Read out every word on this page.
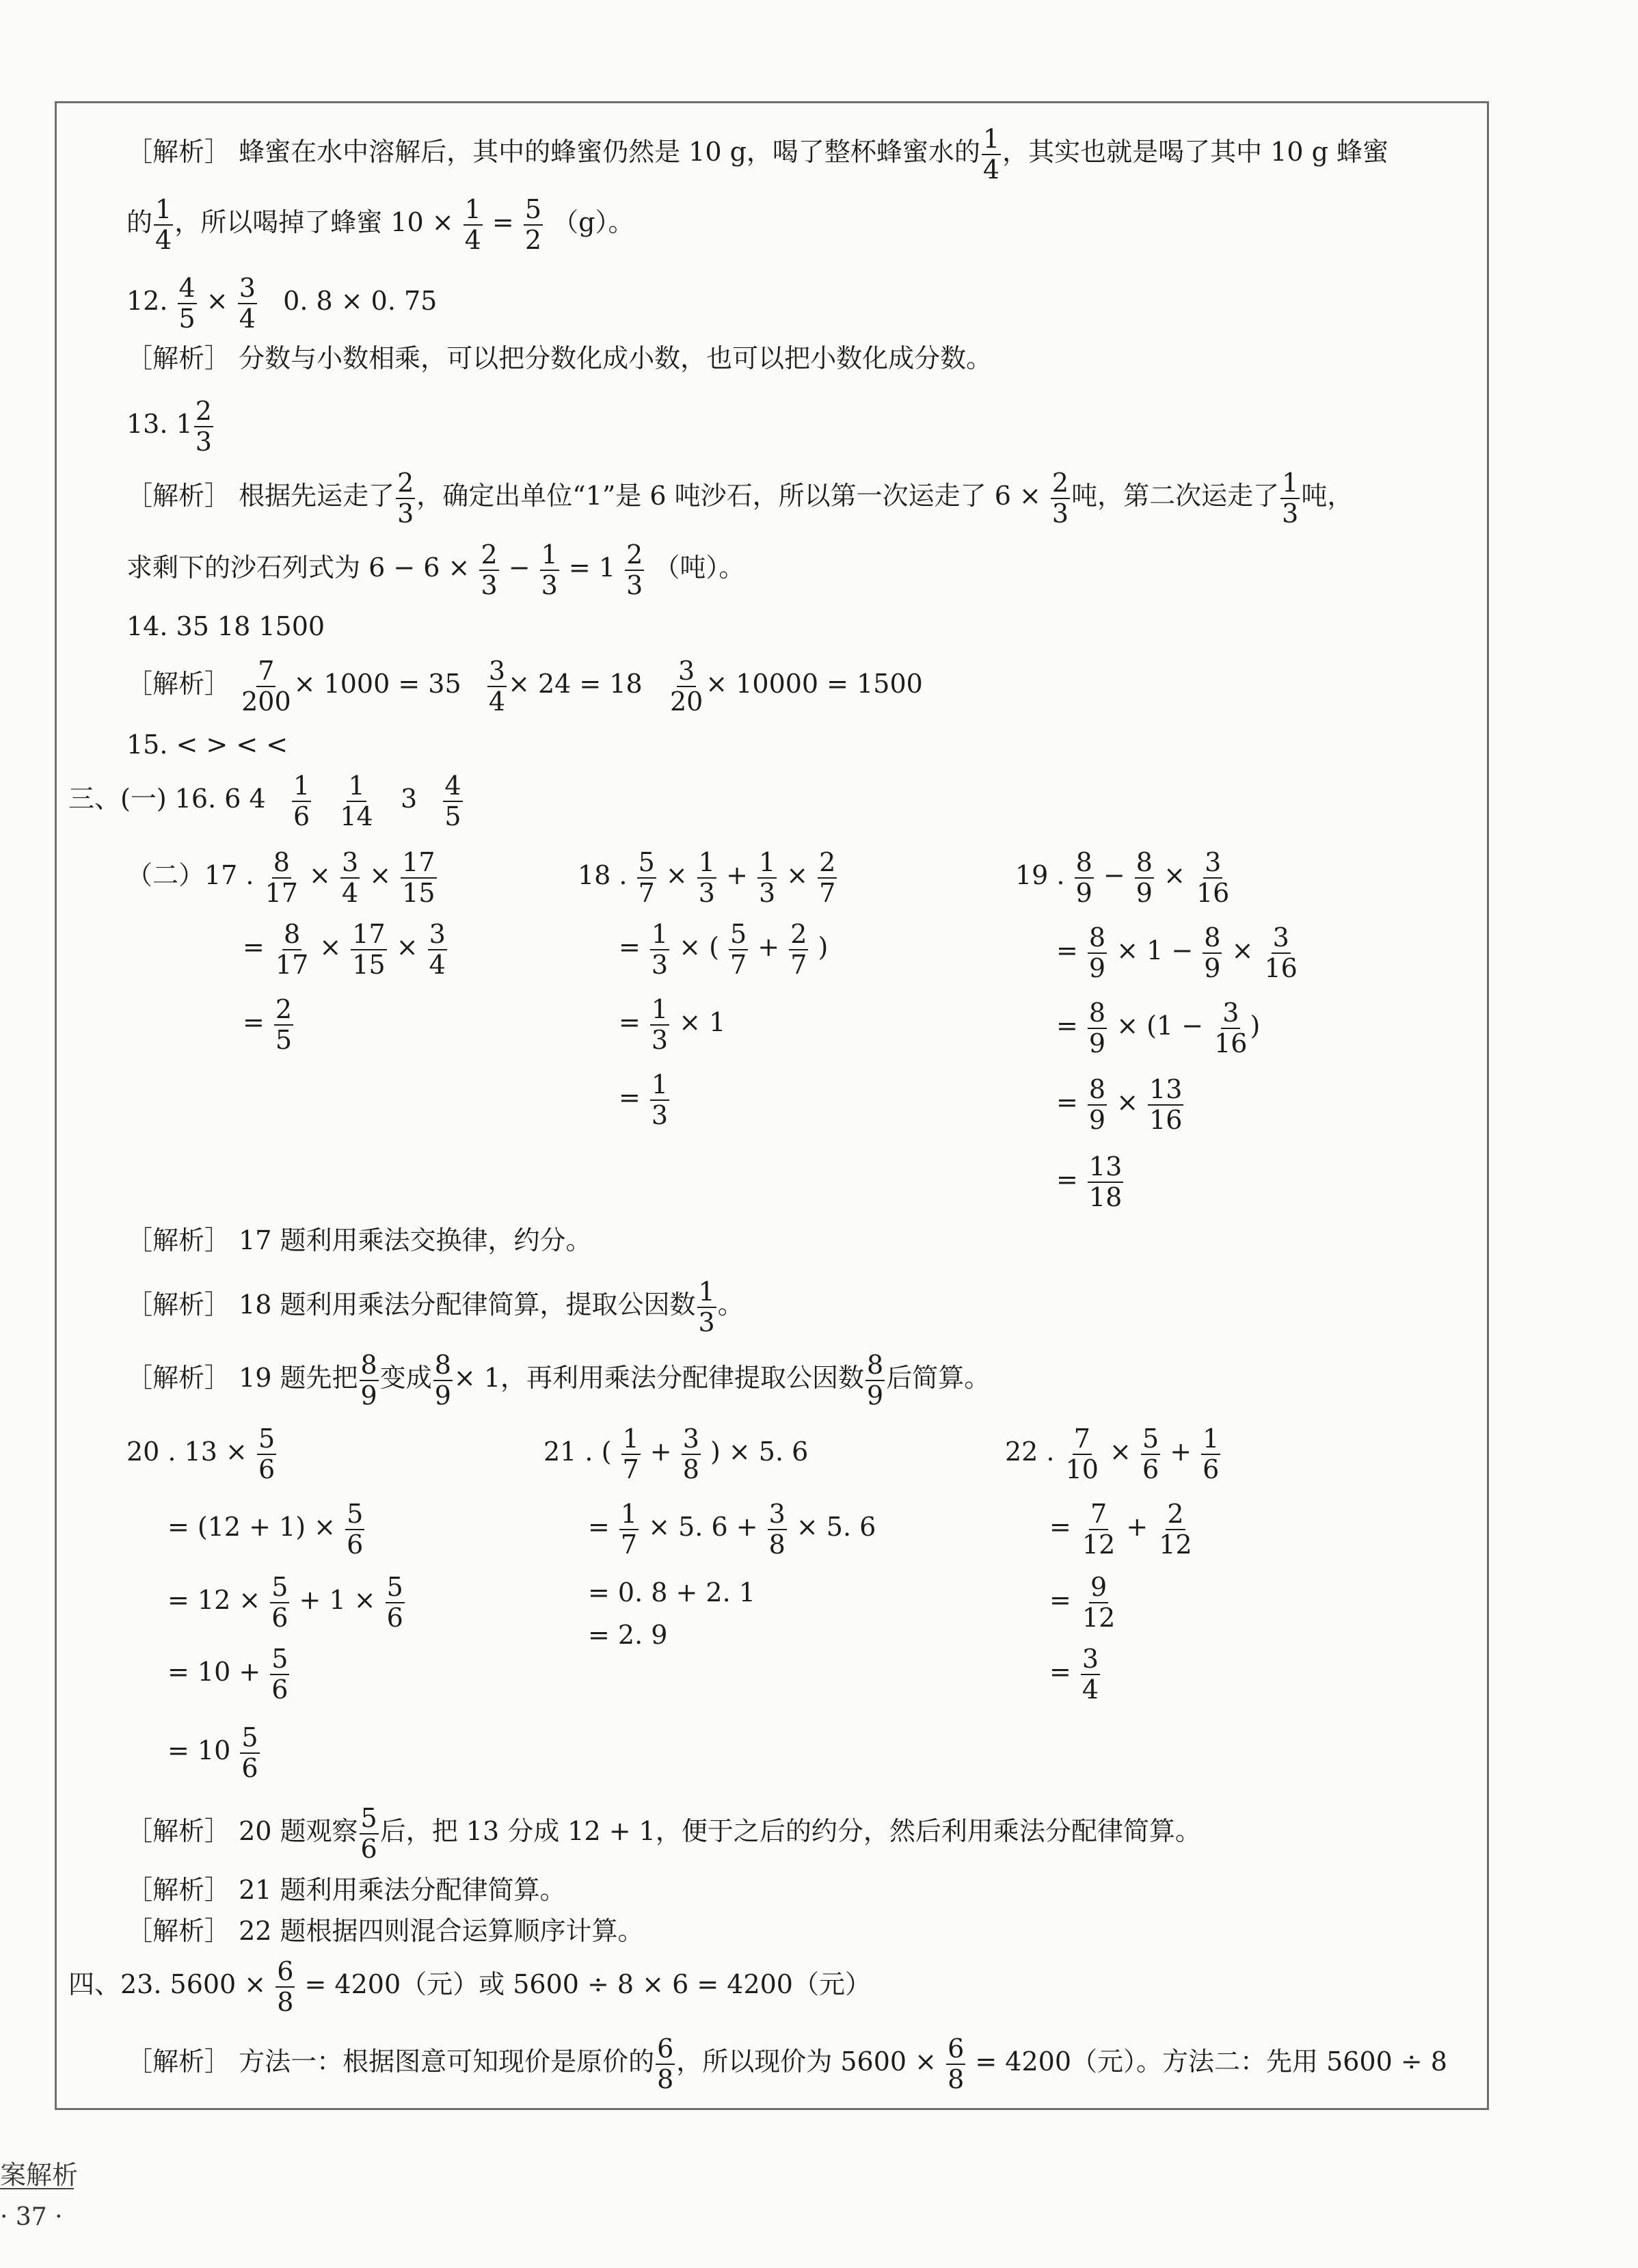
［解析］ 蜂蜜在水中溶解后，其中的蜂蜜仍然是 10 g，喝了整杯蜂蜜水的 $\frac{1}{4}$ ，其实也就是喝了其中 10 g 蜂蜜
的 $\frac{1}{4}$ ，所以喝掉了蜂蜜 $10 \times \frac{1}{4} = \frac{5}{2} (g)$。
12. $\frac{4}{5} \times \frac{3}{4} 0$. 8 × 0. 75
［解析］ 分数与小数相乘，可以把分数化成小数，也可以把小数化成分数。
13. $1 \frac{2}{3}$
［解析］ 根据先运走了 $\frac{2}{3}$ ，确定出单位“1”是 6 吨沙石，所以第一次运走了 $6 \times \frac{2}{3}$ 吨，第二次运走了 $\frac{1}{3}$ 吨，
求剩下的沙石列式为 $6 - 6 \times \frac{2}{3} - \frac{1}{3} = 1 \frac{2}{3}$ （吨）。
14. 35 18 1500
［解析］ $\frac{7}{200} \times 1000 = 35 \frac{3}{4} \times 24 = 18 \frac{3}{20} \times 10000 = 1500$
15. < > < <
三、(一) 16. 6 $4 \frac{1}{6}$
$\frac{1}{14} 3 \frac{4}{5}$
（二）17 . $\frac{8}{17} \times \frac{3}{4} \times \frac{17}{15}$
= $\frac{8}{17} \times \frac{17}{15} \times \frac{3}{4}$
= $\frac{2}{5}$
18 . $\frac{5}{7} \times \frac{1}{3} + \frac{1}{3} \times \frac{2}{7}$
= $\frac{1}{3}$ × ( $\frac{5}{7} + \frac{2}{7}$ )
= $\frac{1}{3} \times 1$
= $\frac{1}{3}$
19 . $\frac{8}{9} - \frac{8}{9} \times \frac{3}{16}$
= $\frac{8}{9} \times 1 - \frac{8}{9} \times \frac{3}{16}$
= $\frac{8}{9} \times (1 - \frac{3}{16}$ )
= $\frac{8}{9} \times \frac{13}{16}$
= $\frac{13}{18}$
［解析］ 17 题利用乘法交换律，约分。
［解析］ 18 题利用乘法分配律简算，提取公因数 $\frac{1}{3}$ 。
［解析］ 19 题先把 $\frac{8}{9}$ 变成 $\frac{8}{9} \times 1$，再利用乘法分配律提取公因数 $\frac{8}{9}$ 后简算。
20 . $13 \times \frac{5}{6}$
= $(12 + 1) \times \frac{5}{6}$
= $12 \times \frac{5}{6} + 1 \times \frac{5}{6}$
= $10 + \frac{5}{6}$
= $10 \frac{5}{6}$
21 . ( $\frac{1}{7} + \frac{3}{8}$ ) × 5. 6
= $\frac{1}{7} \times 5$. $6 + \frac{3}{8} \times 5$. 6
= 0. 8 + 2. 1
= 2. 9
22 . $\frac{7}{10} \times \frac{5}{6} + \frac{1}{6}$
= $\frac{7}{12} + \frac{2}{12}$
= $\frac{9}{12}$
= $\frac{3}{4}$
［解析］ 20 题观察 $\frac{5}{6}$ 后，把 13 分成 12 + 1，便于之后的约分，然后利用乘法分配律简算。
［解析］ 21 题利用乘法分配律简算。
［解析］ 22 题根据四则混合运算顺序计算。
四、23. $5600 \times \frac{6}{8} = 4200$（元）或 5600 ÷ 8 × 6 = 4200（元）
［解析］ 方法一：根据图意可知现价是原价的 $\frac{6}{8}$ ，所以现价为 $5600 \times \frac{6}{8} = 4200$（元）。方法二：先用 5600 ÷ 8
案解析
· 37 ·
